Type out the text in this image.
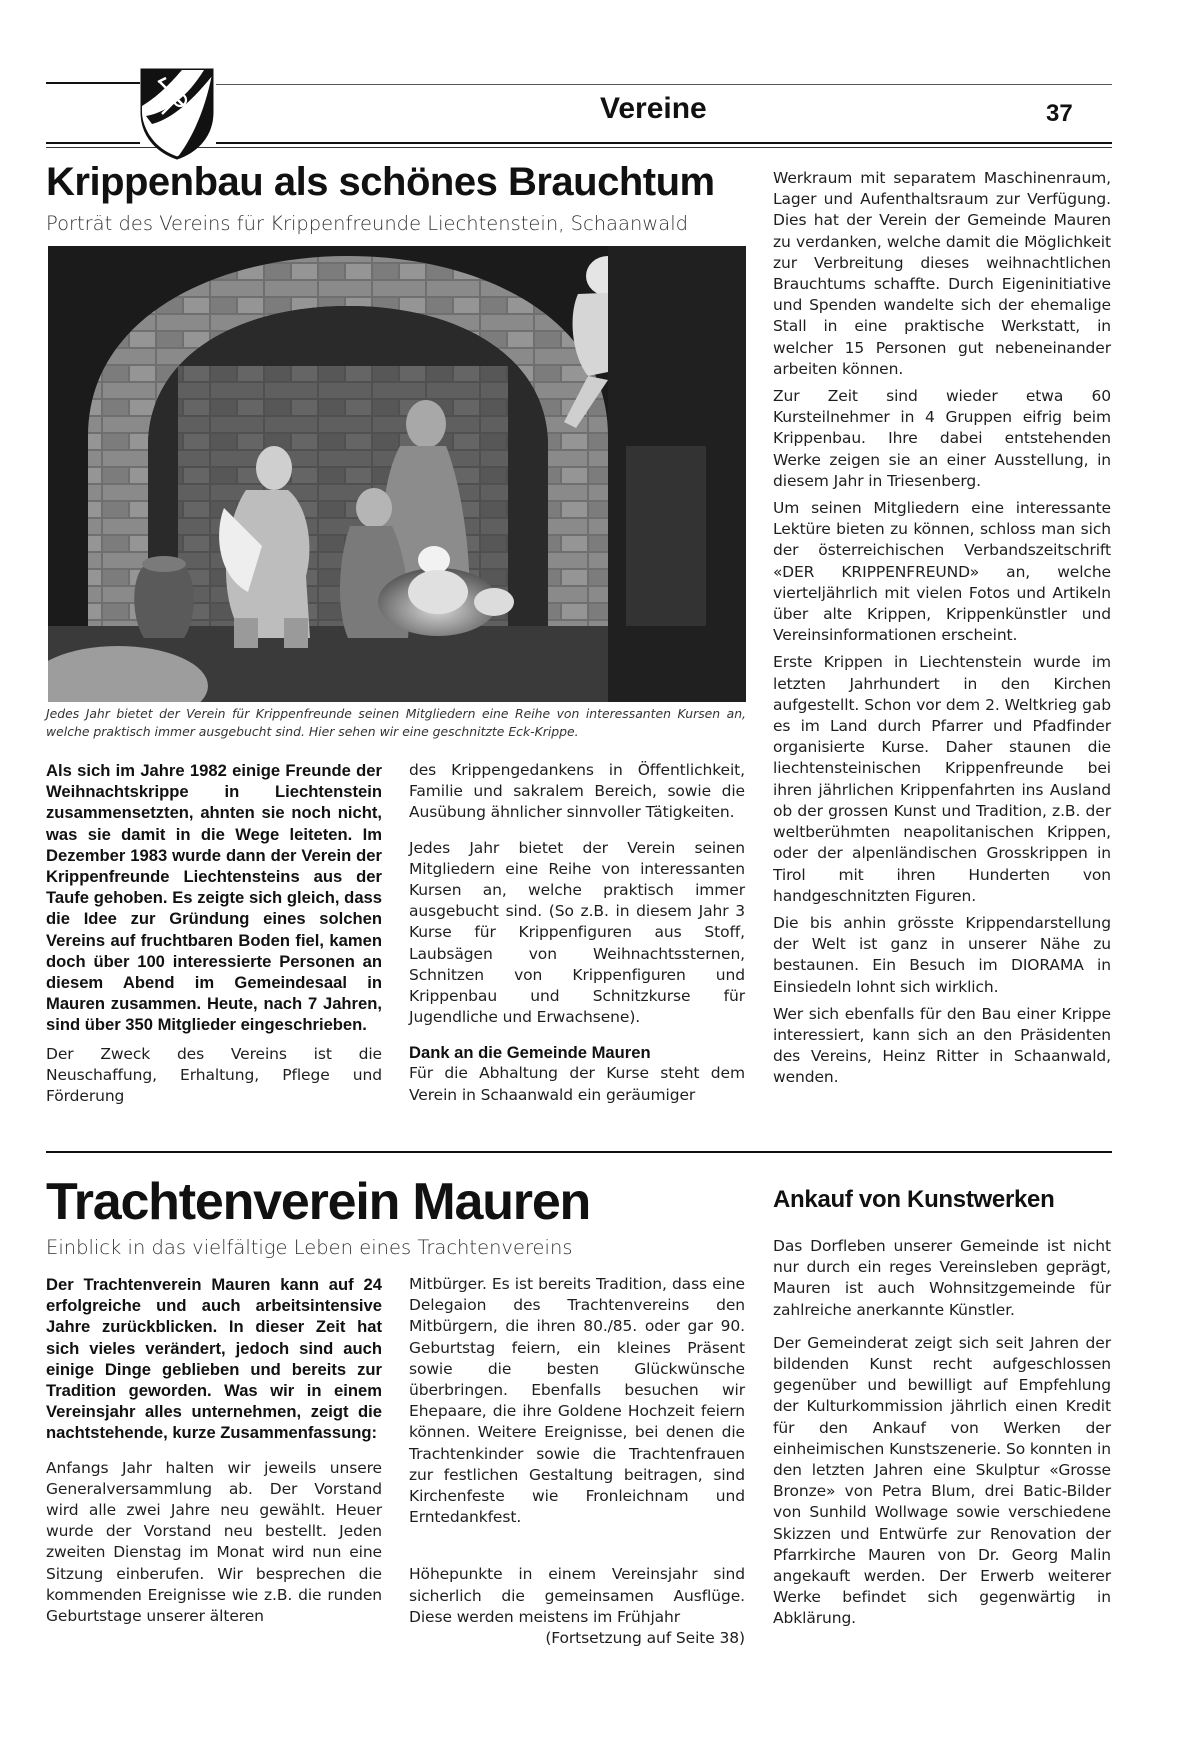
Vereine	37
Krippenbau als schönes Brauchtum
Porträt des Vereins für Krippenfreunde Liechtenstein, Schaanwald
Jedes Jahr bietet der Verein für Krippenfreunde seinen Mitgliedern eine Reihe von interessanten Kursen an, welche praktisch immer ausgebucht sind. Hier sehen wir eine geschnitzte Eck-Krippe.

Als sich im Jahre 1982 einige Freunde der Weihnachtskrippe in Liechtenstein zusammensetzten, ahnten sie noch nicht, was sie damit in die Wege leiteten. Im Dezember 1983 wurde dann der Verein der Krippenfreunde Liechtensteins aus der Taufe gehoben. Es zeigte sich gleich, dass die Idee zur Gründung eines solchen Vereins auf fruchtbaren Boden fiel, kamen doch über 100 interessierte Personen an diesem Abend im Gemeindesaal in Mauren zusammen. Heute, nach 7 Jahren, sind über 350 Mitglieder eingeschrieben.

Der Zweck des Vereins ist die Neuschaffung, Erhaltung, Pflege und Förderung

des Krippengedankens in Öffentlichkeit, Familie und sakralem Bereich, sowie die Ausübung ähnlicher sinnvoller Tätigkeiten.

Jedes Jahr bietet der Verein seinen Mitgliedern eine Reihe von interessanten Kursen an, welche praktisch immer ausgebucht sind. (So z.B. in diesem Jahr 3 Kurse für Krippenfiguren aus Stoff, Laubsägen von Weihnachtssternen, Schnitzen von Krippenfiguren und Krippenbau und Schnitzkurse für Jugendliche und Erwachsene).

Dank an die Gemeinde Mauren

Für die Abhaltung der Kurse steht dem Verein in Schaanwald ein geräumiger

Werkraum mit separatem Maschinenraum, Lager und Aufenthaltsraum zur Verfügung. Dies hat der Verein der Gemeinde Mauren zu verdanken, welche damit die Möglichkeit zur Verbreitung dieses weihnachtlichen Brauchtums schaffte. Durch Eigeninitiative und Spenden wandelte sich der ehemalige Stall in eine praktische Werkstatt, in welcher 15 Personen gut nebeneinander arbeiten können.

Zur Zeit sind wieder etwa 60 Kursteilnehmer in 4 Gruppen eifrig beim Krippenbau. Ihre dabei entstehenden Werke zeigen sie an einer Ausstellung, in diesem Jahr in Triesenberg.

Um seinen Mitgliedern eine interessante Lektüre bieten zu können, schloss man sich der österreichischen Verbandszeitschrift «DER KRIPPENFREUND» an, welche vierteljährlich mit vielen Fotos und Artikeln über alte Krippen, Krippenkünstler und Vereinsinformationen erscheint.

Erste Krippen in Liechtenstein wurde im letzten Jahrhundert in den Kirchen aufgestellt. Schon vor dem 2. Weltkrieg gab es im Land durch Pfarrer und Pfadfinder organisierte Kurse. Daher staunen die liechtensteinischen Krippenfreunde bei ihren jährlichen Krippenfahrten ins Ausland ob der grossen Kunst und Tradition, z.B. der weltberühmten neapolitanischen Krippen, oder der alpenländischen Grosskrippen in Tirol mit ihren Hunderten von handgeschnitzten Figuren.

Die bis anhin grösste Krippendarstellung der Welt ist ganz in unserer Nähe zu bestaunen. Ein Besuch im DIORAMA in Einsiedeln lohnt sich wirklich.

Wer sich ebenfalls für den Bau einer Krippe interessiert, kann sich an den Präsidenten des Vereins, Heinz Ritter in Schaanwald, wenden.

Trachtenverein Mauren
Einblick in das vielfältige Leben eines Trachtenvereins

Der Trachtenverein Mauren kann auf 24 erfolgreiche und auch arbeitsintensive Jahre zurückblicken. In dieser Zeit hat sich vieles verändert, jedoch sind auch einige Dinge geblieben und bereits zur Tradition geworden. Was wir in einem Vereinsjahr alles unternehmen, zeigt die nachtstehende, kurze Zusammenfassung:

Anfangs Jahr halten wir jeweils unsere Generalversammlung ab. Der Vorstand wird alle zwei Jahre neu gewählt. Heuer wurde der Vorstand neu bestellt. Jeden zweiten Dienstag im Monat wird nun eine Sitzung einberufen. Wir besprechen die kommenden Ereignisse wie z.B. die runden Geburtstage unserer älteren

Mitbürger. Es ist bereits Tradition, dass eine Delegaion des Trachtenvereins den Mitbürgern, die ihren 80./85. oder gar 90. Geburtstag feiern, ein kleines Präsent sowie die besten Glückwünsche überbringen. Ebenfalls besuchen wir Ehepaare, die ihre Goldene Hochzeit feiern können. Weitere Ereignisse, bei denen die Trachtenkinder sowie die Trachtenfrauen zur festlichen Gestaltung beitragen, sind Kirchenfeste wie Fronleichnam und Erntedankfest.

Höhepunkte in einem Vereinsjahr sind sicherlich die gemeinsamen Ausflüge. Diese werden meistens im Frühjahr

(Fortsetzung auf Seite 38)

Ankauf von Kunstwerken

Das Dorfleben unserer Gemeinde ist nicht nur durch ein reges Vereinsleben geprägt, Mauren ist auch Wohnsitzgemeinde für zahlreiche anerkannte Künstler.

Der Gemeinderat zeigt sich seit Jahren der bildenden Kunst recht aufgeschlossen gegenüber und bewilligt auf Empfehlung der Kulturkommission jährlich einen Kredit für den Ankauf von Werken der einheimischen Kunstszenerie. So konnten in den letzten Jahren eine Skulptur «Grosse Bronze» von Petra Blum, drei Batic-Bilder von Sunhild Wollwage sowie verschiedene Skizzen und Entwürfe zur Renovation der Pfarrkirche Mauren von Dr. Georg Malin angekauft werden. Der Erwerb weiterer Werke befindet sich gegenwärtig in Abklärung.
